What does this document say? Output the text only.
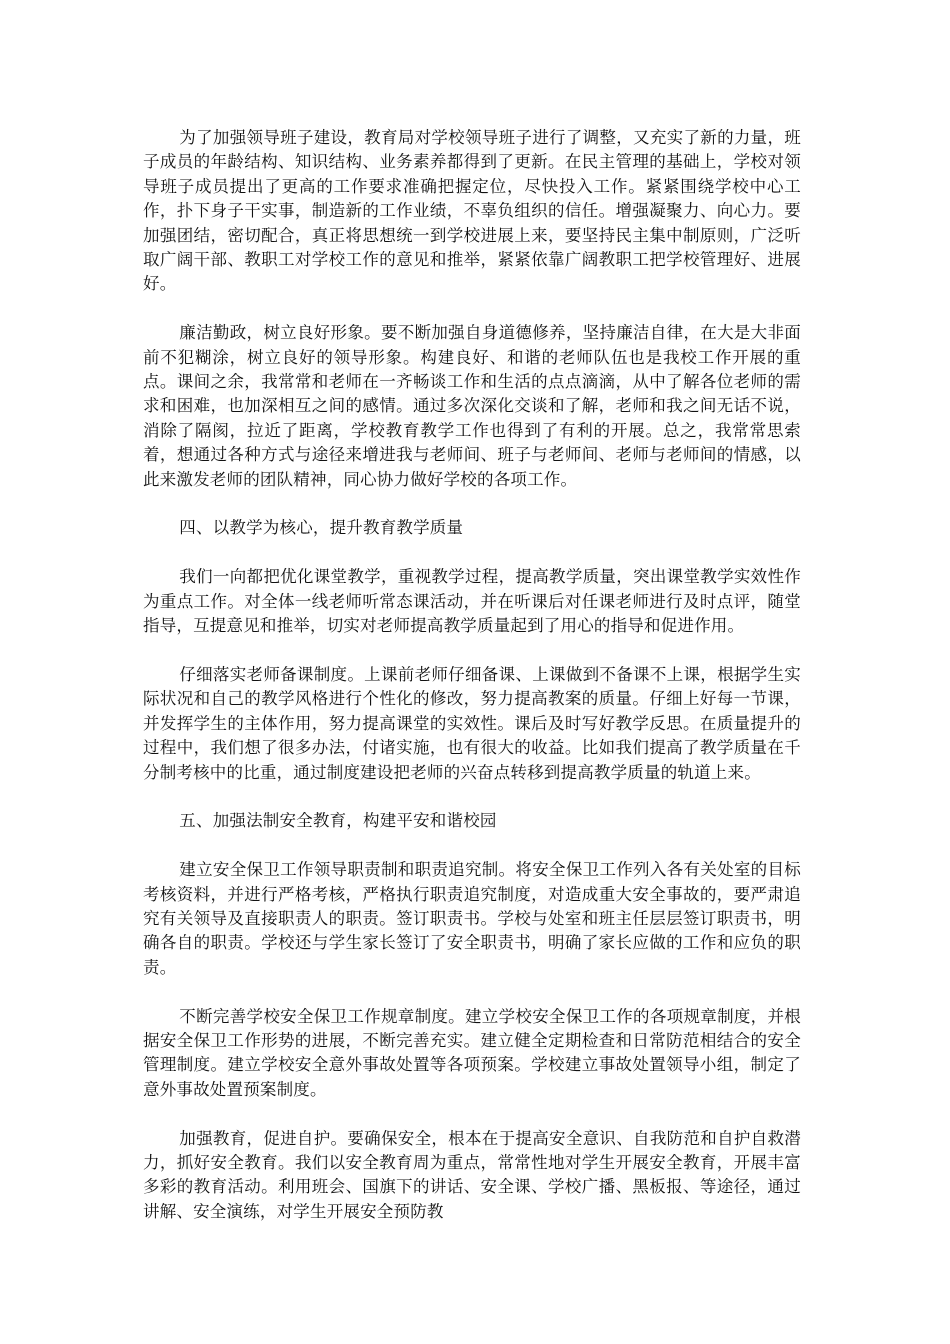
为了加强领导班子建设，教育局对学校领导班子进行了调整，又充实了新的力量，班子成员的年龄结构、知识结构、业务素养都得到了更新。在民主管理的基础上，学校对领导班子成员提出了更高的工作要求准确把握定位，尽快投入工作。紧紧围绕学校中心工作，扑下身子干实事，制造新的工作业绩，不辜负组织的信任。增强凝聚力、向心力。要加强团结，密切配合，真正将思想统一到学校进展上来，要坚持民主集中制原则，广泛听取广阔干部、教职工对学校工作的意见和推举，紧紧依靠广阔教职工把学校管理好、进展好。

廉洁勤政，树立良好形象。要不断加强自身道德修养，坚持廉洁自律，在大是大非面前不犯糊涂，树立良好的领导形象。构建良好、和谐的老师队伍也是我校工作开展的重点。课间之余，我常常和老师在一齐畅谈工作和生活的点点滴滴，从中了解各位老师的需求和困难，也加深相互之间的感情。通过多次深化交谈和了解，老师和我之间无话不说，消除了隔阂，拉近了距离，学校教育教学工作也得到了有利的开展。总之，我常常思索着，想通过各种方式与途径来增进我与老师间、班子与老师间、老师与老师间的情感，以此来激发老师的团队精神，同心协力做好学校的各项工作。

四、以教学为核心，提升教育教学质量

我们一向都把优化课堂教学，重视教学过程，提高教学质量，突出课堂教学实效性作为重点工作。对全体一线老师听常态课活动，并在听课后对任课老师进行及时点评，随堂指导，互提意见和推举，切实对老师提高教学质量起到了用心的指导和促进作用。

仔细落实老师备课制度。上课前老师仔细备课、上课做到不备课不上课，根据学生实际状况和自己的教学风格进行个性化的修改，努力提高教案的质量。仔细上好每一节课，并发挥学生的主体作用，努力提高课堂的实效性。课后及时写好教学反思。在质量提升的过程中，我们想了很多办法，付诸实施，也有很大的收益。比如我们提高了教学质量在千分制考核中的比重，通过制度建设把老师的兴奋点转移到提高教学质量的轨道上来。

五、加强法制安全教育，构建平安和谐校园

建立安全保卫工作领导职责制和职责追究制。将安全保卫工作列入各有关处室的目标考核资料，并进行严格考核，严格执行职责追究制度，对造成重大安全事故的，要严肃追究有关领导及直接职责人的职责。签订职责书。学校与处室和班主任层层签订职责书，明确各自的职责。学校还与学生家长签订了安全职责书，明确了家长应做的工作和应负的职责。

不断完善学校安全保卫工作规章制度。建立学校安全保卫工作的各项规章制度，并根据安全保卫工作形势的进展，不断完善充实。建立健全定期检查和日常防范相结合的安全管理制度。建立学校安全意外事故处置等各项预案。学校建立事故处置领导小组，制定了意外事故处置预案制度。

加强教育，促进自护。要确保安全，根本在于提高安全意识、自我防范和自护自救潜力，抓好安全教育。我们以安全教育周为重点，常常性地对学生开展安全教育，开展丰富多彩的教育活动。利用班会、国旗下的讲话、安全课、学校广播、黑板报、等途径，通过讲解、安全演练，对学生开展安全预防教
